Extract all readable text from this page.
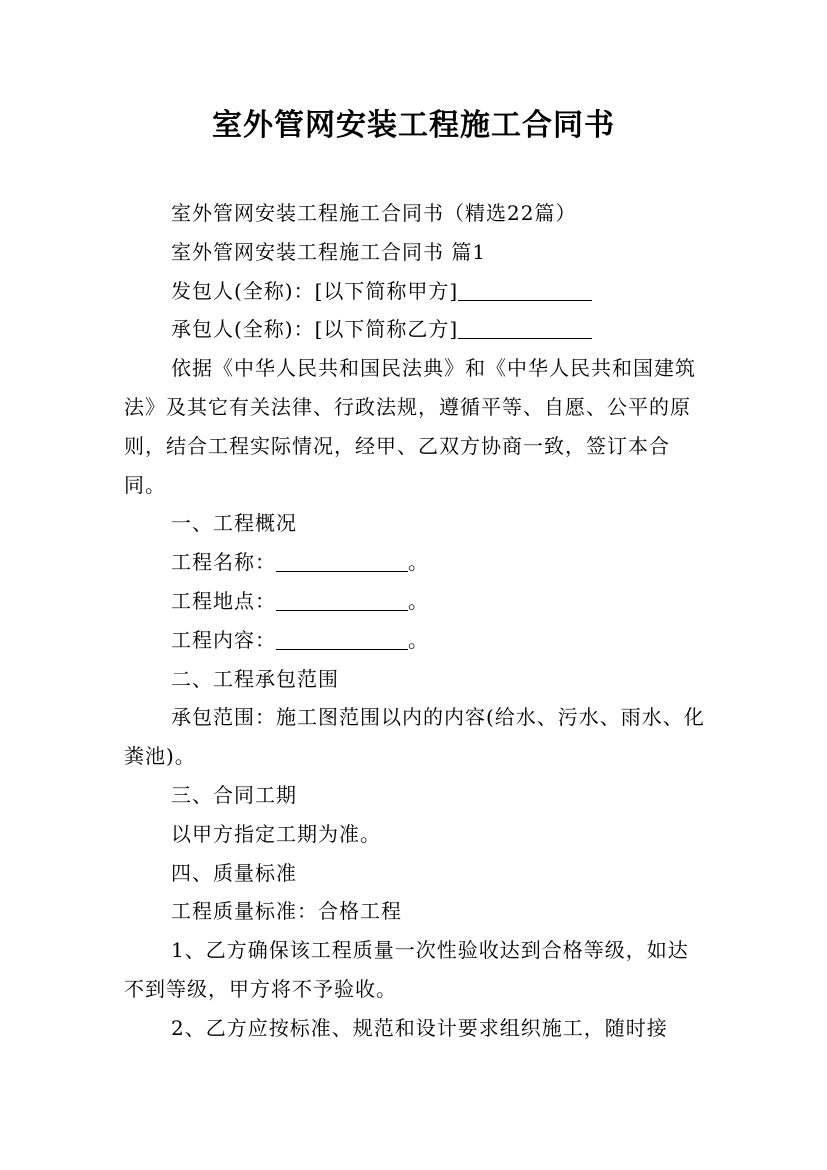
室外管网安装工程施工合同书

室外管网安装工程施工合同书（精选22篇）

室外管网安装工程施工合同书 篇1

发包人(全称)：[以下简称甲方]

承包人(全称)：[以下简称乙方]

依据《中华人民共和国民法典》和《中华人民共和国建筑法》及其它有关法律、行政法规，遵循平等、自愿、公平的原则，结合工程实际情况，经甲、乙双方协商一致，签订本合同。

一、工程概况

工程名称：	。

工程地点：	。

工程内容：	。

二、工程承包范围

承包范围：施工图范围以内的内容(给水、污水、雨水、化粪池)。

三、合同工期

以甲方指定工期为准。

四、质量标准

工程质量标准：合格工程

1、乙方确保该工程质量一次性验收达到合格等级，如达不到等级，甲方将不予验收。

2、乙方应按标准、规范和设计要求组织施工，随时接
